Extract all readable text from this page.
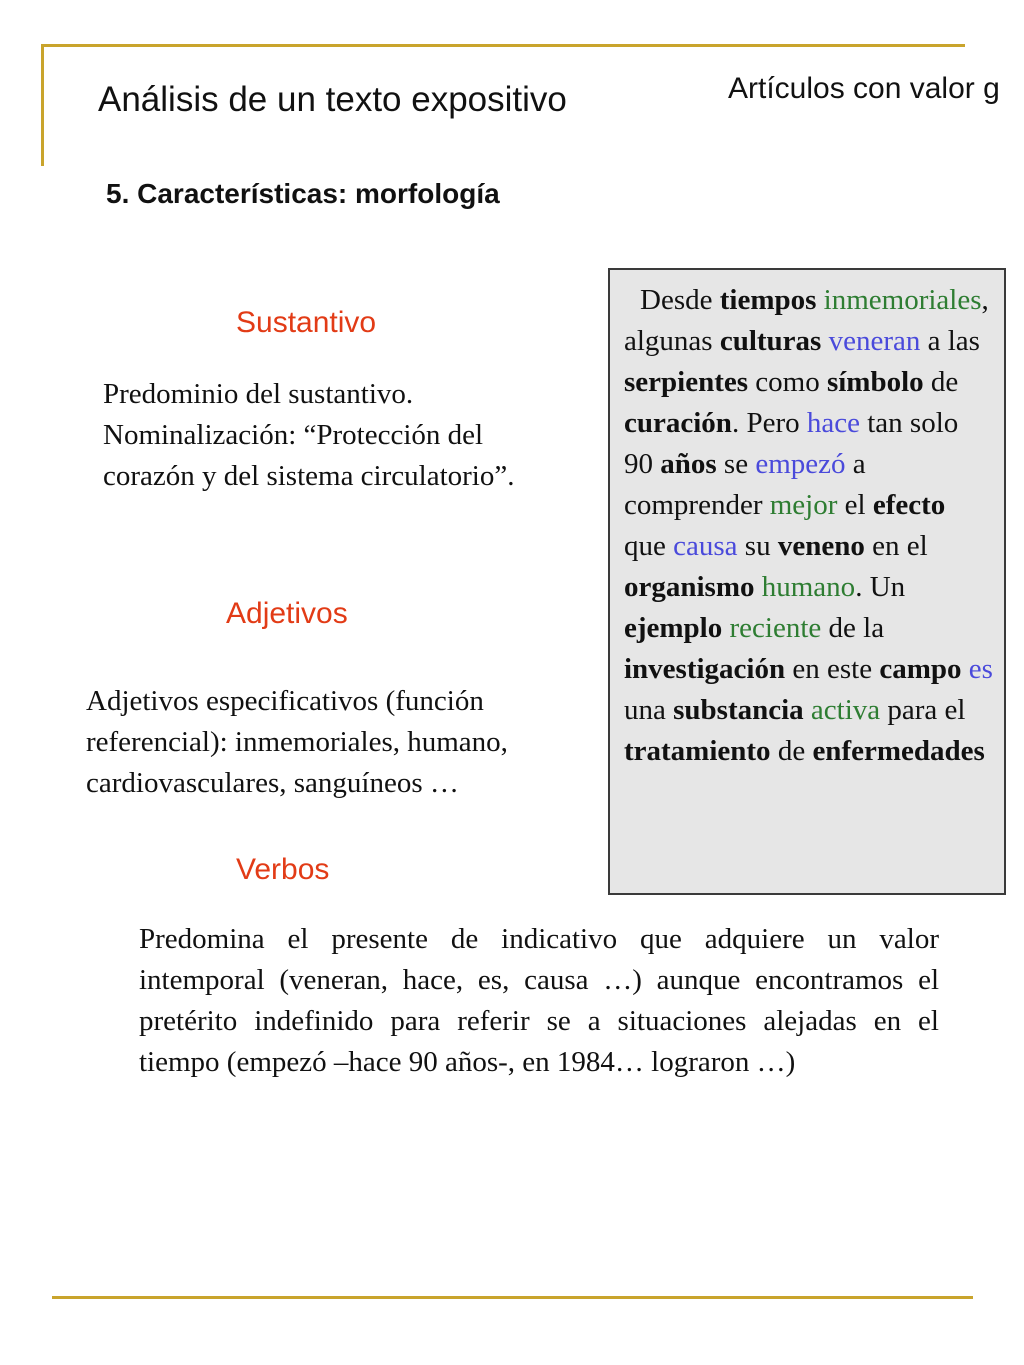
Análisis de un texto expositivo	Artículos con valor g
5. Características: morfología
Sustantivo
Predominio del sustantivo. Nominalización: “Protección del corazón y del sistema circulatorio”.
Adjetivos
Adjetivos especificativos (función referencial): inmemoriales, humano, cardiovasculares, sanguíneos …
Verbos
Desde tiempos inmemoriales, algunas culturas veneran a las serpientes como símbolo de curación. Pero hace tan solo 90 años se empezó a comprender mejor el efecto que causa su veneno en el organismo humano. Un ejemplo reciente de la investigación en este campo es una substancia activa para el tratamiento de enfermedades
Predomina el presente de indicativo que adquiere un valor intemporal (veneran, hace, es, causa …) aunque encontramos el pretérito indefinido para referir se a situaciones alejadas en el tiempo (empezó –hace 90 años-, en 1984… lograron …)
